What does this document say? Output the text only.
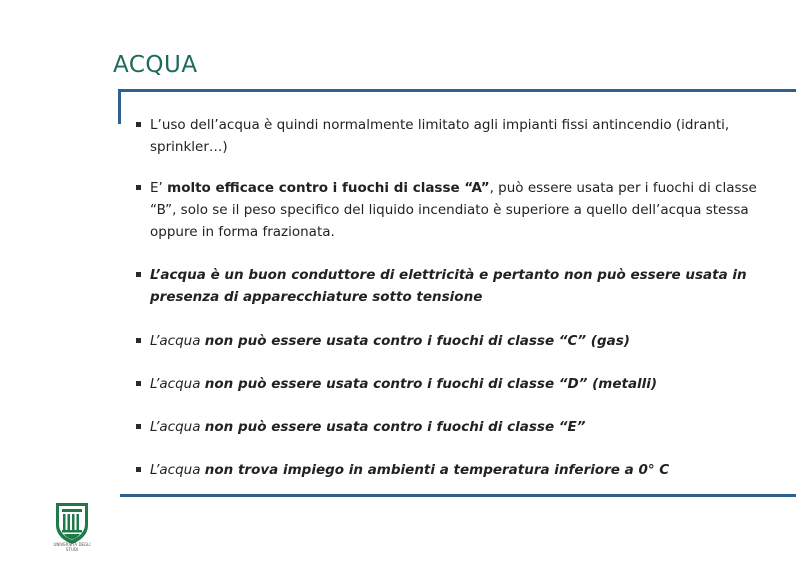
ACQUA
L’uso dell’acqua è quindi normalmente limitato agli impianti fissi antincendio (idranti, sprinkler…)
E’ molto efficace contro i fuochi di classe “A”, può essere usata per i fuochi di classe “B”, solo se il peso specifico del liquido incendiato è superiore a quello dell’acqua stessa oppure in forma frazionata.
L’acqua è un buon conduttore di elettricità e pertanto non può essere usata in presenza di apparecchiature sotto tensione
L’acqua non può essere usata contro i fuochi di classe “C” (gas)
L’acqua non può essere usata contro i fuochi di classe “D” (metalli)
L’acqua non può essere usata contro i fuochi di classe “E”
L’acqua non trova impiego in ambienti a temperatura inferiore a 0° C
UNIVERSITÀ DEGLI STUDI
